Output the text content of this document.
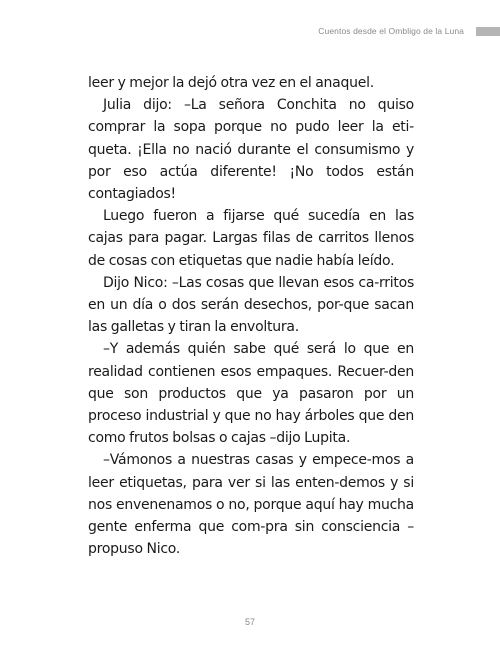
Cuentos desde el Ombligo de la Luna

leer y mejor la dejó otra vez en el anaquel.

Julia dijo: –La señora Conchita no quiso comprar la sopa porque no pudo leer la eti-queta. ¡Ella no nació durante el consumismo y por eso actúa diferente! ¡No todos están contagiados!

Luego fueron a fijarse qué sucedía en las cajas para pagar. Largas filas de carritos llenos de cosas con etiquetas que nadie había leído.

Dijo Nico: –Las cosas que llevan esos ca-rritos en un día o dos serán desechos, por-que sacan las galletas y tiran la envoltura.

–Y además quién sabe qué será lo que en realidad contienen esos empaques. Recuer-den que son productos que ya pasaron por un proceso industrial y que no hay árboles que den como frutos bolsas o cajas –dijo Lupita.

–Vámonos a nuestras casas y empece-mos a leer etiquetas, para ver si las enten-demos y si nos envenenamos o no, porque aquí hay mucha gente enferma que com-pra sin consciencia –propuso Nico.

57
